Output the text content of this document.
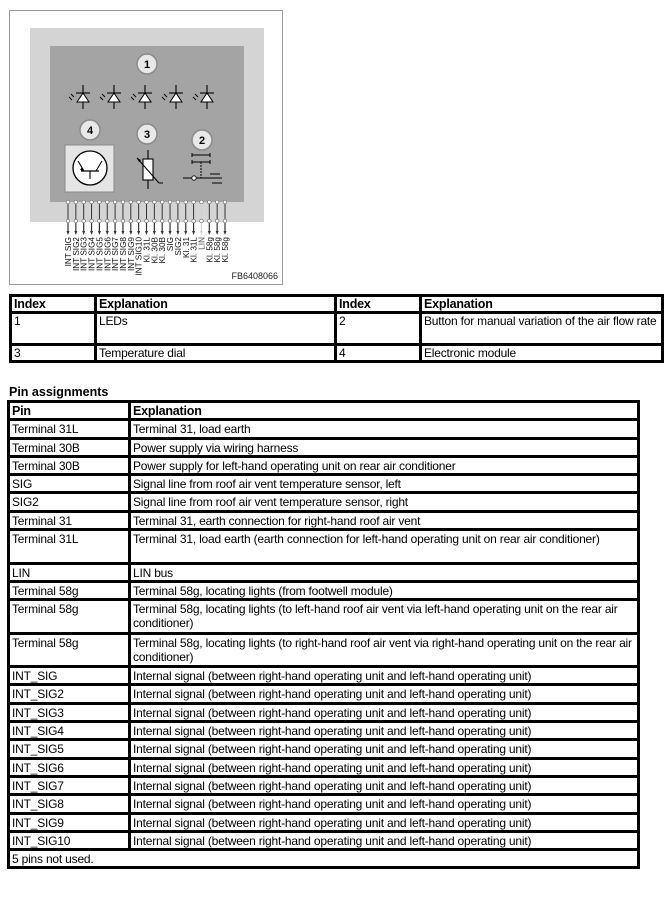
1
4	3	2
INT SIG
INT SIG2
INT SIG3
INT SIG4
INT SIG5
INT SIG6
INT SIG7
INT SIG8
INT SIG9
INT SIG10
Kl. 31L
Kl. 30B
Kl. 30B
SIG
SIG2
Kl. 31
Kl. 31L
LIN
Kl. 58g
Kl. 58g
Kl. 58g
FB6408066
Index	Explanation	Index	Explanation
1	LEDs	2	Button for manual variation of the air flow rate
3	Temperature dial	4	Electronic module
Pin assignments
Pin	Explanation
Terminal 31L	Terminal 31, load earth
Terminal 30B	Power supply via wiring harness
Terminal 30B	Power supply for left-hand operating unit on rear air conditioner
SIG	Signal line from roof air vent temperature sensor, left
SIG2	Signal line from roof air vent temperature sensor, right
Terminal 31	Terminal 31, earth connection for right-hand roof air vent
Terminal 31L	Terminal 31, load earth (earth connection for left-hand operating unit on rear air conditioner)
LIN	LIN bus
Terminal 58g	Terminal 58g, locating lights (from footwell module)
Terminal 58g	Terminal 58g, locating lights (to left-hand roof air vent via left-hand operating unit on the rear air conditioner)
Terminal 58g	Terminal 58g, locating lights (to right-hand roof air vent via right-hand operating unit on the rear air conditioner)
INT_SIG	Internal signal (between right-hand operating unit and left-hand operating unit)
INT_SIG2	Internal signal (between right-hand operating unit and left-hand operating unit)
INT_SIG3	Internal signal (between right-hand operating unit and left-hand operating unit)
INT_SIG4	Internal signal (between right-hand operating unit and left-hand operating unit)
INT_SIG5	Internal signal (between right-hand operating unit and left-hand operating unit)
INT_SIG6	Internal signal (between right-hand operating unit and left-hand operating unit)
INT_SIG7	Internal signal (between right-hand operating unit and left-hand operating unit)
INT_SIG8	Internal signal (between right-hand operating unit and left-hand operating unit)
INT_SIG9	Internal signal (between right-hand operating unit and left-hand operating unit)
INT_SIG10	Internal signal (between right-hand operating unit and left-hand operating unit)
5 pins not used.	
